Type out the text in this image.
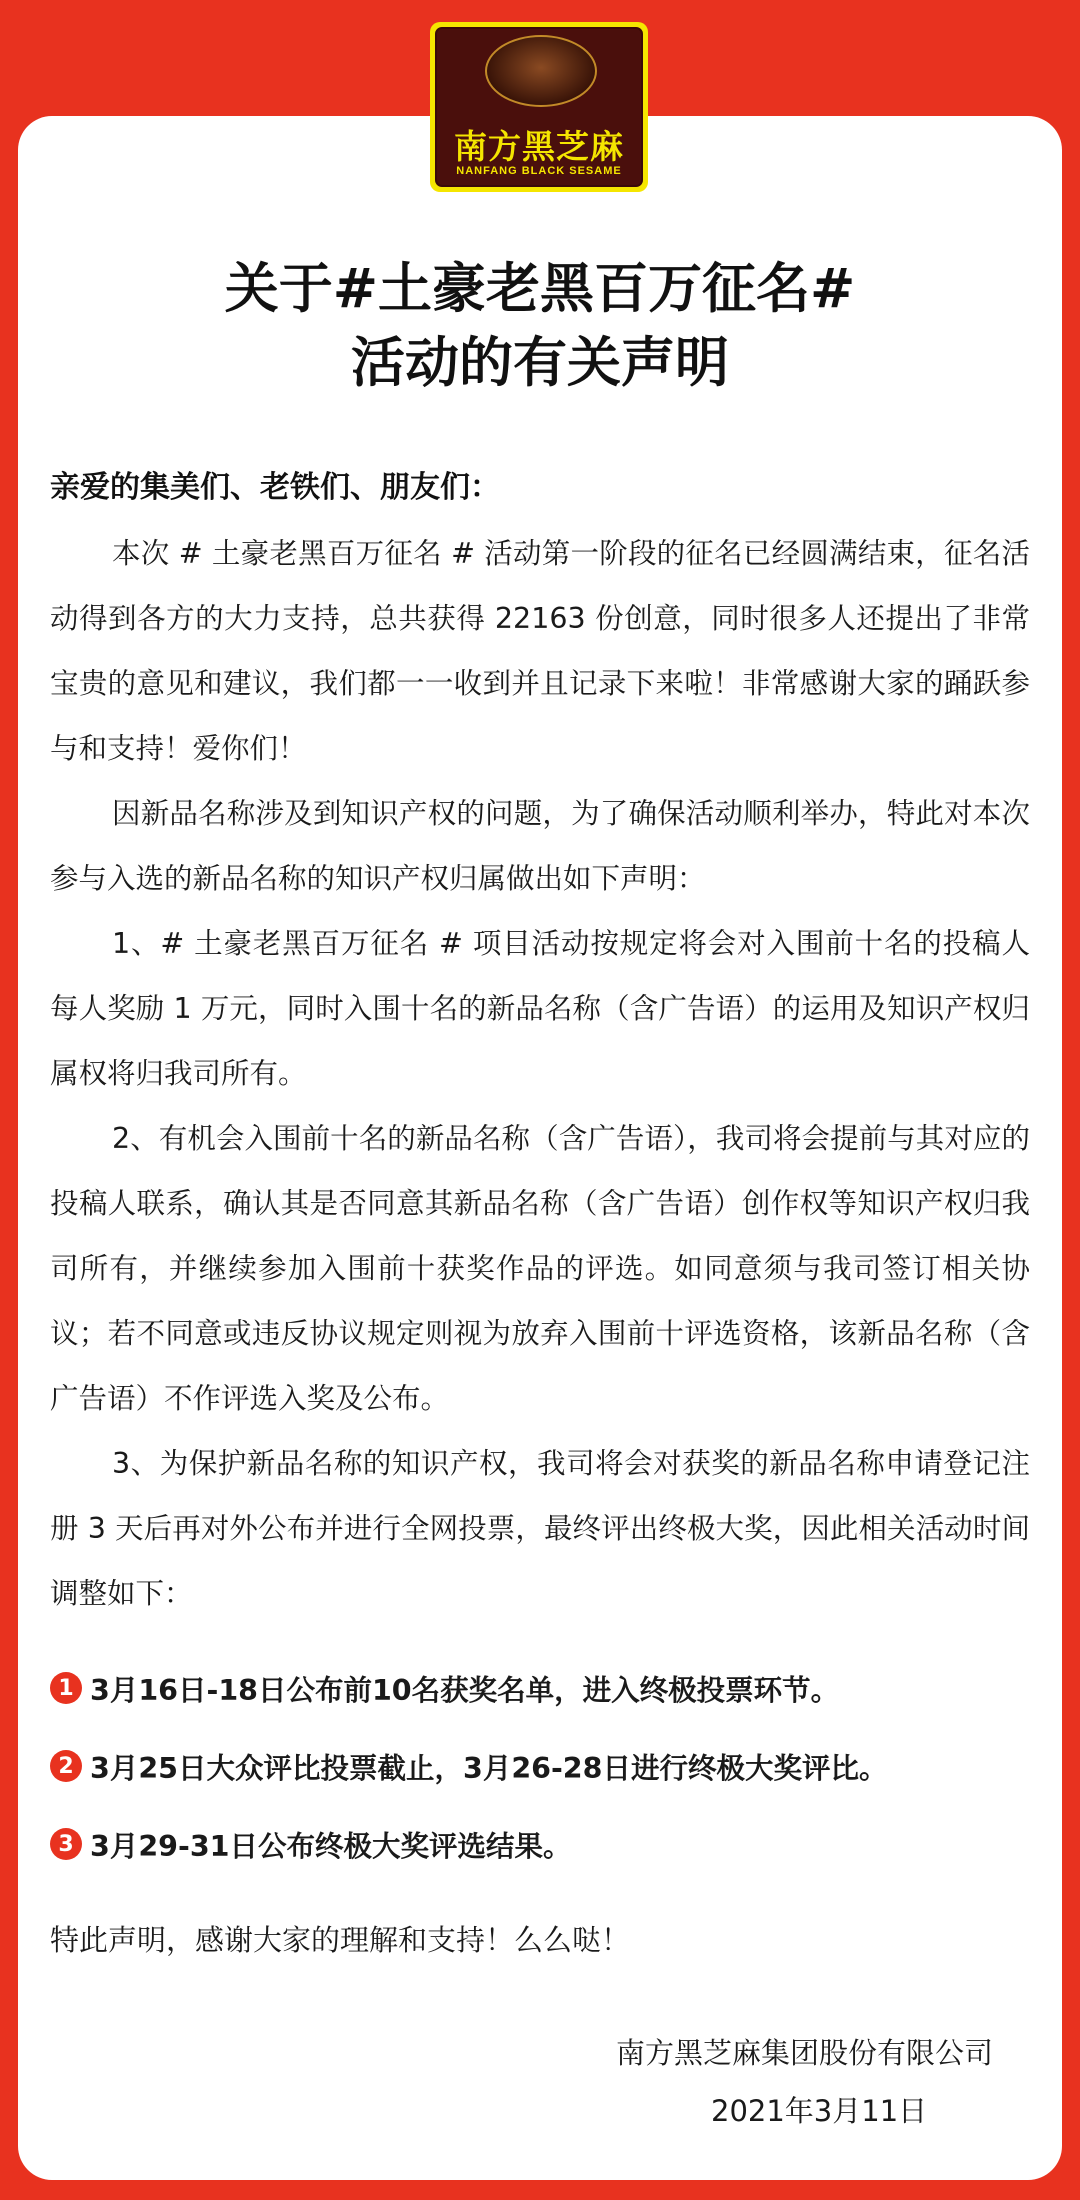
南方黑芝麻
NANFANG BLACK SESAME
关于#土豪老黑百万征名#
活动的有关声明
亲爱的集美们、老铁们、朋友们：
本次 # 土豪老黑百万征名 # 活动第一阶段的征名已经圆满结束，征名活动得到各方的大力支持，总共获得 22163 份创意，同时很多人还提出了非常宝贵的意见和建议，我们都一一收到并且记录下来啦！非常感谢大家的踊跃参与和支持！爱你们！
因新品名称涉及到知识产权的问题，为了确保活动顺利举办，特此对本次参与入选的新品名称的知识产权归属做出如下声明：
1、# 土豪老黑百万征名 # 项目活动按规定将会对入围前十名的投稿人每人奖励 1 万元，同时入围十名的新品名称（含广告语）的运用及知识产权归属权将归我司所有。
2、有机会入围前十名的新品名称（含广告语），我司将会提前与其对应的投稿人联系，确认其是否同意其新品名称（含广告语）创作权等知识产权归我司所有，并继续参加入围前十获奖作品的评选。如同意须与我司签订相关协议；若不同意或违反协议规定则视为放弃入围前十评选资格，该新品名称（含广告语）不作评选入奖及公布。
3、为保护新品名称的知识产权，我司将会对获奖的新品名称申请登记注册 3 天后再对外公布并进行全网投票，最终评出终极大奖，因此相关活动时间调整如下：
1 3月16日-18日公布前10名获奖名单，进入终极投票环节。
2 3月25日大众评比投票截止，3月26-28日进行终极大奖评比。
3 3月29-31日公布终极大奖评选结果。
特此声明，感谢大家的理解和支持！么么哒！
南方黑芝麻集团股份有限公司
2021年3月11日
